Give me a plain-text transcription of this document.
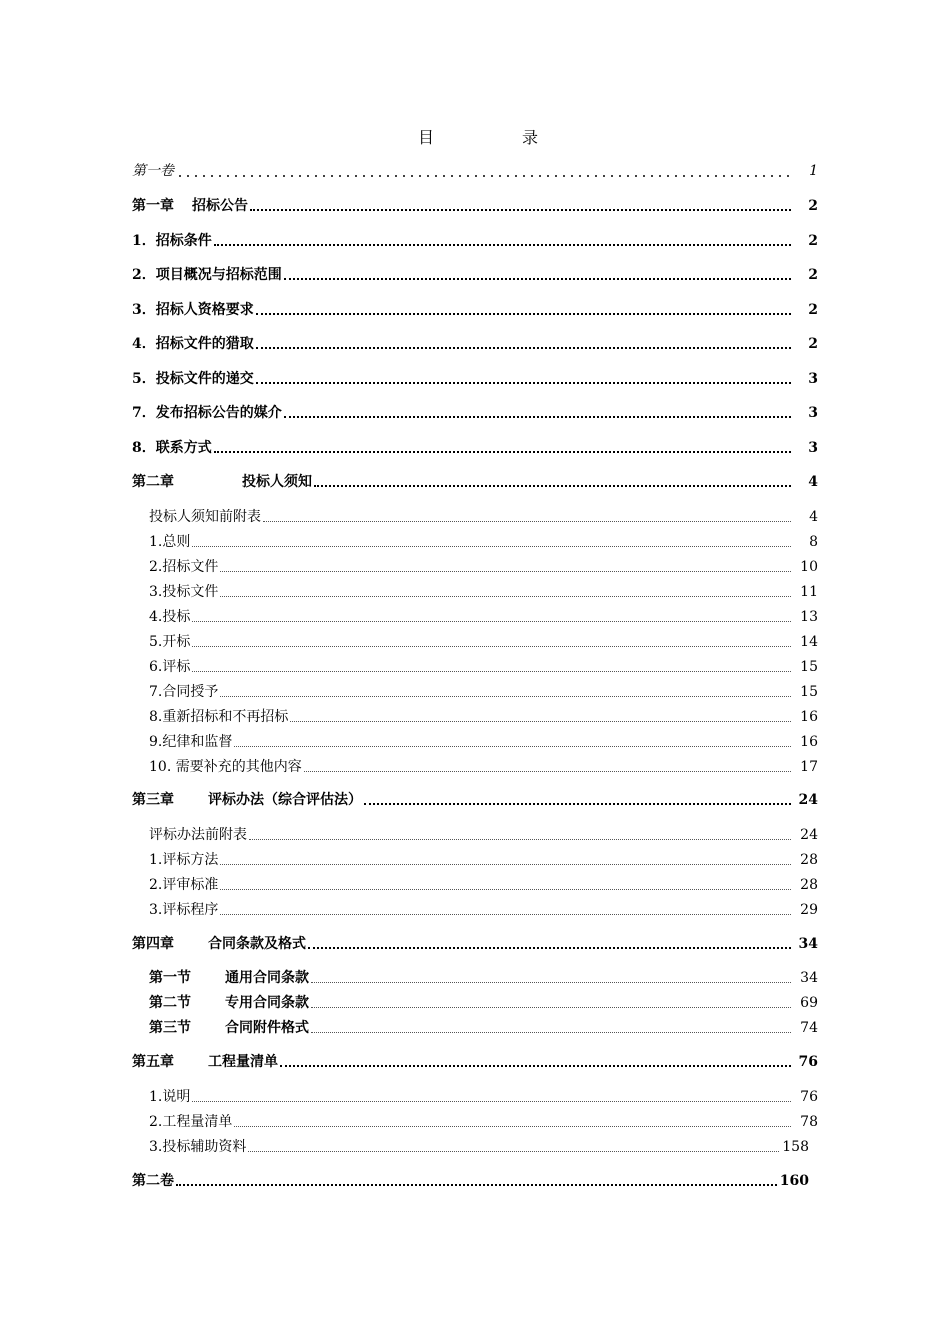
目	录
第一卷	1
第一章 招标公告	2
1．招标条件	2
2．项目概况与招标范围	2
3．招标人资格要求	2
4．招标文件的猎取	2
5．投标文件的递交	3
7．发布招标公告的媒介	3
8．联系方式	3
第二章	投标人须知	4
投标人须知前附表	4
1.总则	8
2.招标文件	10
3.投标文件	11
4.投标	13
5.开标	14
6.评标	15
7.合同授予	15
8.重新招标和不再招标	16
9.纪律和监督	16
10. 需要补充的其他内容	17
第三章 评标办法（综合评估法）	24
评标办法前附表	24
1.评标方法	28
2.评审标准	28
3.评标程序	29
第四章 合同条款及格式	34
第一节 通用合同条款	34
第二节 专用合同条款	69
第三节 合同附件格式	74
第五章 工程量清单	76
1.说明	76
2.工程量清单	78
3.投标辅助资料	158
第二卷	160
